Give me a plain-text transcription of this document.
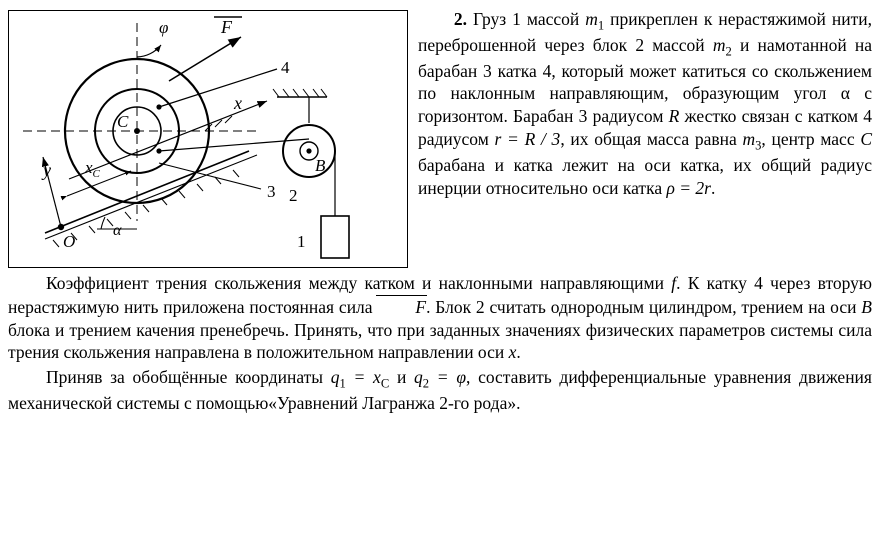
C
x
y
O
α
$x_C$
φ
4
F
3
B
2
1

2. Груз 1 массой $m_1$ прикреплен к нерастяжимой нити, переброшенной через блок 2 массой $m_2$ и намотанной на барабан 3 катка 4, который может катиться со скольжением по наклонным направляющим, образующим угол α с горизонтом. Барабан 3 радиусом R жестко связан с катком 4 радиусом r = R / 3, их общая масса равна $m_3$, центр масс C барабана и катка лежит на оси катка, их общий радиус инерции относительно оси катка ρ = 2r.

Коэффициент трения скольжения между катком и наклонными направляющими f. К катку 4 через вторую нерастяжимую нить приложена постоянная сила F. Блок 2 считать однородным цилиндром, трением на оси B блока и трением качения пренебречь. Принять, что при заданных значениях физических параметров системы сила трения скольжения направлена в положительном направлении оси x.

Приняв за обобщённые координаты $q_1 = x_C$ и $q_2 = \varphi$, составить дифференциальные уравнения движения механической системы с помощью«Уравнений Лагранжа 2-го рода».
